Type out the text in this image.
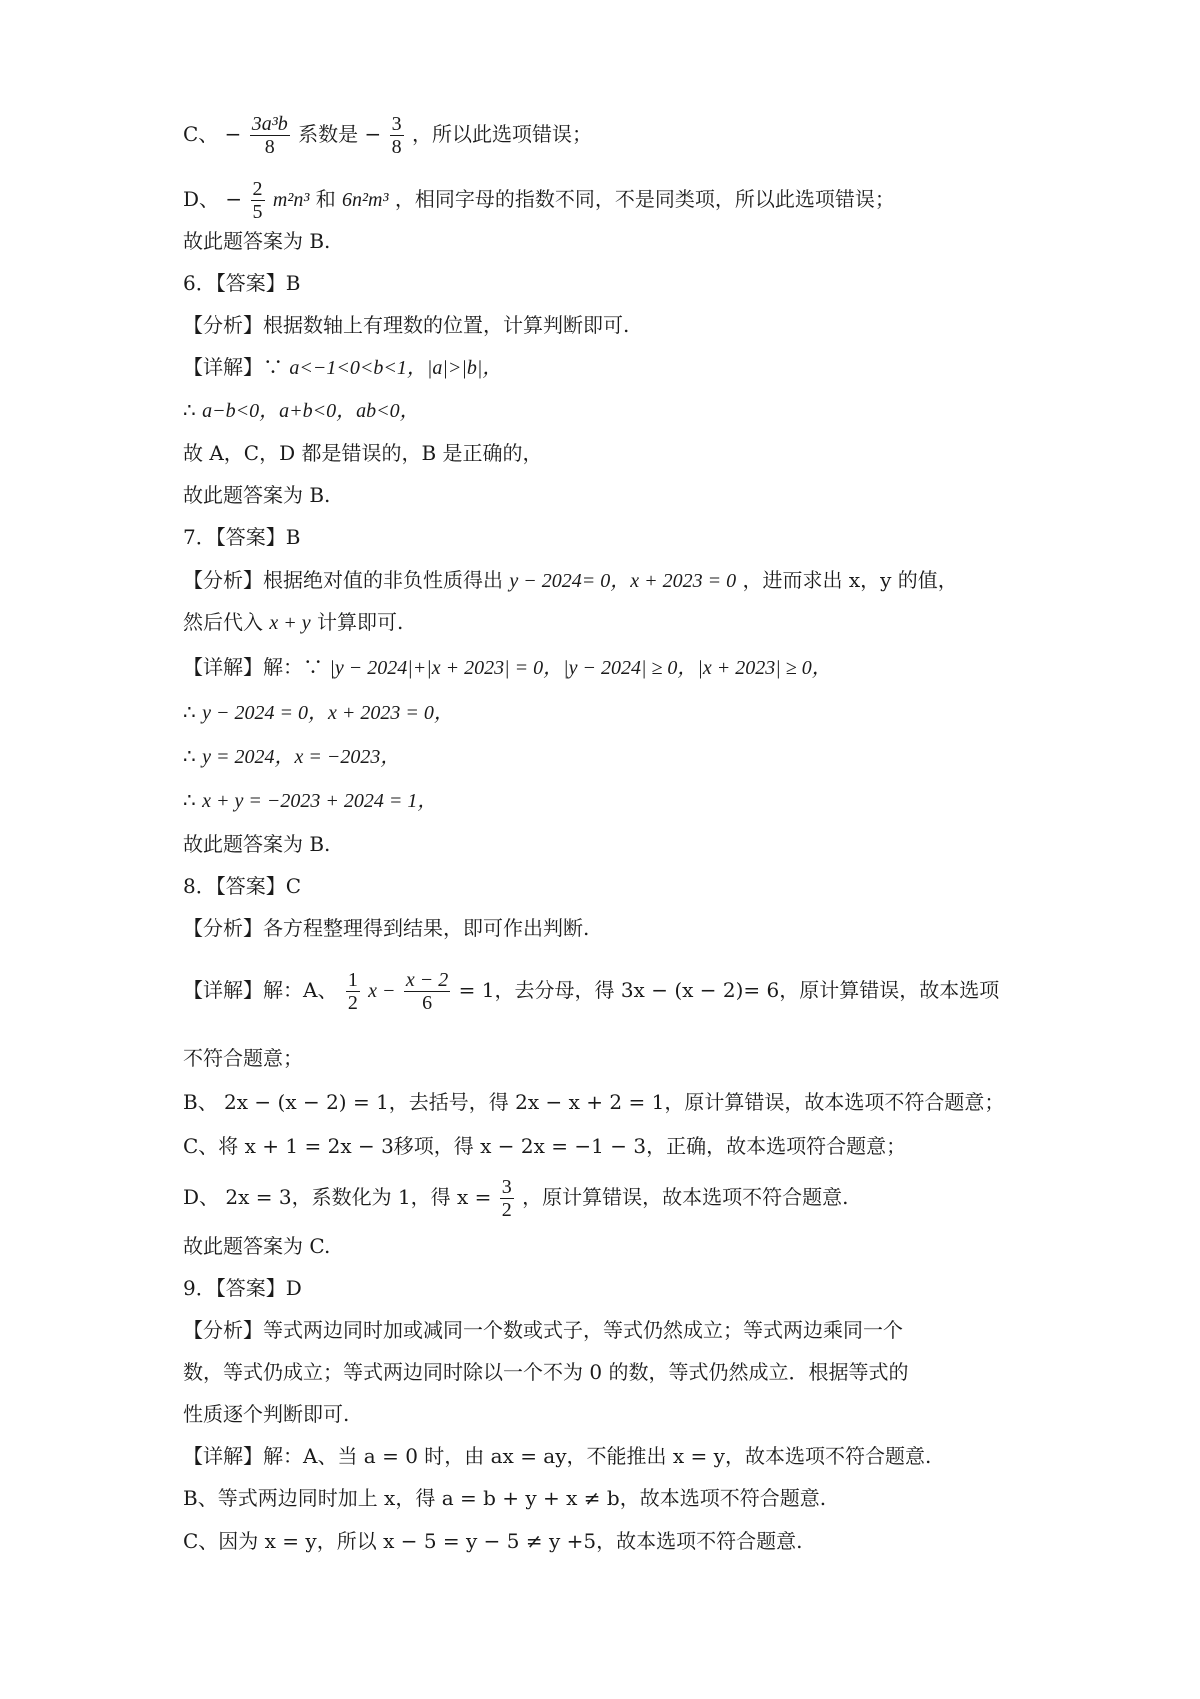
C、 − $\frac{\text{3a³b}}{8}$ 系数是 − $\frac{3}{8}$ ，所以此选项错误；
D、 − $\frac{2}{5} m^2n^3$ 和 6n²m³ ，相同字母的指数不同，不是同类项，所以此选项错误；
故此题答案为 B.
6．【答案】B
【分析】根据数轴上有理数的位置，计算判断即可.
【详解】∵ a<−1<0<b<1，|a|>|b|，
∴ a−b<0，a+b<0，ab<0，
故 A，C，D 都是错误的，B 是正确的，
故此题答案为 B.
7．【答案】B
【分析】根据绝对值的非负性质得出 y − 2024= 0，x + 2023 = 0 ，进而求出 x，y 的值，
然后代入 x + y 计算即可.
【详解】解：∵ |y − 2024|+|x + 2023| = 0，|y − 2024| ≥ 0，|x + 2023| ≥ 0，
∴ y − 2024 = 0，x + 2023 = 0，
∴ y = 2024，x = −2023，
∴ x + y = −2023 + 2024 = 1，
故此题答案为 B.
8．【答案】C
【分析】各方程整理得到结果，即可作出判断.
【详解】解：A、 $\frac{1}{2}$ $x - \frac{x - 2}{6} = 1$，去分母，得 3x − (x − 2)= 6，原计算错误，故本选项
不符合题意；
B、 2x − (x − 2) = 1，去括号，得 2x − x + 2 = 1，原计算错误，故本选项不符合题意；
C、将 x + 1 = 2x − 3移项，得 x − 2x = −1 − 3，正确，故本选项符合题意；
D、 2x = 3，系数化为 1，得 $x = \frac{3}{2}$ ，原计算错误，故本选项不符合题意.
故此题答案为 C.
9．【答案】D
【分析】等式两边同时加或减同一个数或式子，等式仍然成立；等式两边乘同一个
数，等式仍成立；等式两边同时除以一个不为 0 的数，等式仍然成立．根据等式的
性质逐个判断即可.
【详解】解：A、当 a = 0 时，由 ax = ay，不能推出 x = y，故本选项不符合题意.
B、等式两边同时加上 x，得 a = b + y + x ≠ b，故本选项不符合题意.
C、因为 x = y，所以 x − 5 = y − 5 ≠ y +5，故本选项不符合题意.
